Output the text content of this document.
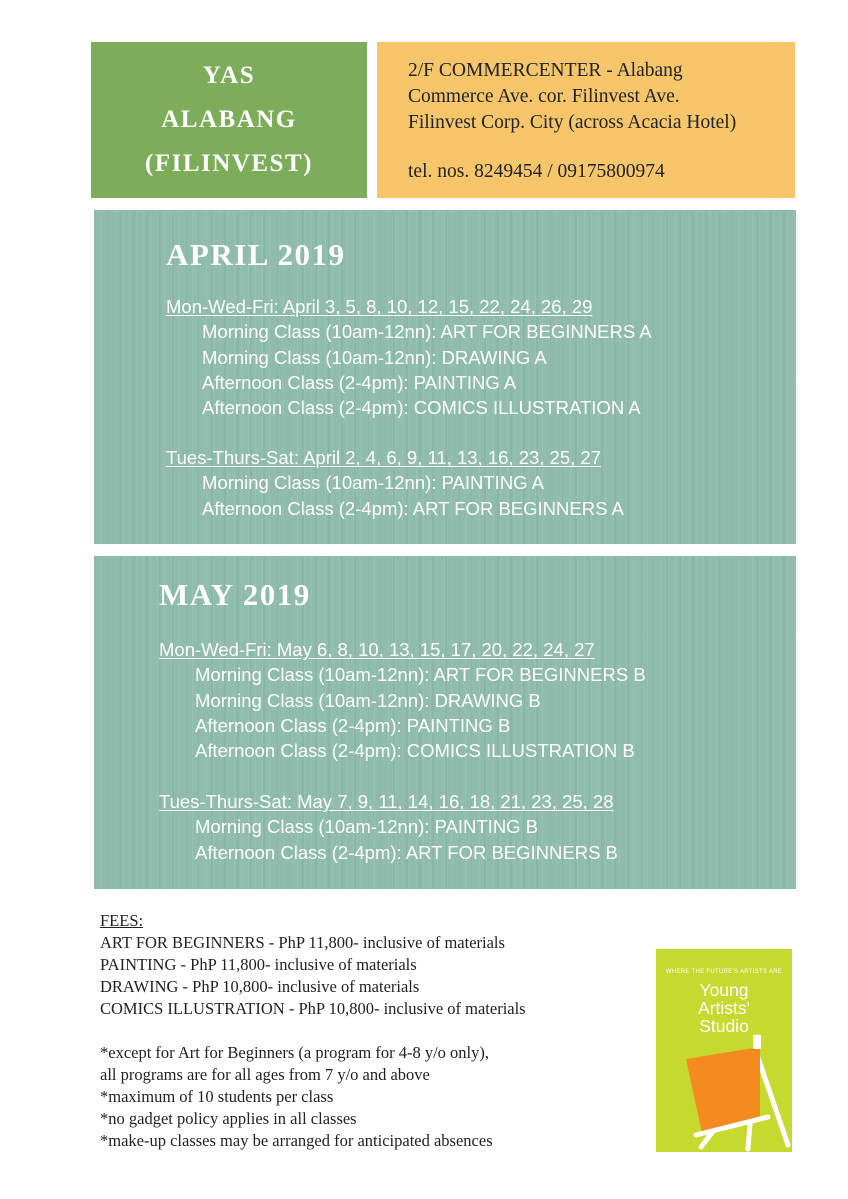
YAS
ALABANG
(FILINVEST)
2/F COMMERCENTER - Alabang
Commerce Ave. cor. Filinvest Ave.
Filinvest Corp. City (across Acacia Hotel)
tel. nos. 8249454 / 09175800974
APRIL 2019
Mon-Wed-Fri: April 3, 5, 8, 10, 12, 15, 22, 24, 26, 29
Morning Class (10am-12nn): ART FOR BEGINNERS A
Morning Class (10am-12nn): DRAWING A
Afternoon Class (2-4pm): PAINTING A
Afternoon Class (2-4pm): COMICS ILLUSTRATION A
Tues-Thurs-Sat: April 2, 4, 6, 9, 11, 13, 16, 23, 25, 27
Morning Class (10am-12nn): PAINTING A
Afternoon Class (2-4pm): ART FOR BEGINNERS A
MAY 2019
Mon-Wed-Fri: May 6, 8, 10, 13, 15, 17, 20, 22, 24, 27
Morning Class (10am-12nn): ART FOR BEGINNERS B
Morning Class (10am-12nn): DRAWING B
Afternoon Class (2-4pm): PAINTING B
Afternoon Class (2-4pm): COMICS ILLUSTRATION B
Tues-Thurs-Sat: May 7, 9, 11, 14, 16, 18, 21, 23, 25, 28
Morning Class (10am-12nn): PAINTING B
Afternoon Class (2-4pm): ART FOR BEGINNERS B
FEES:
ART FOR BEGINNERS - PhP 11,800- inclusive of materials
PAINTING - PhP 11,800- inclusive of materials
DRAWING - PhP 10,800- inclusive of materials
COMICS ILLUSTRATION - PhP 10,800- inclusive of materials
*except for Art for Beginners (a program for 4-8 y/o only),
all programs are for all ages from 7 y/o and above
*maximum of 10 students per class
*no gadget policy applies in all classes
*make-up classes may be arranged for anticipated absences
WHERE THE FUTURE'S ARTISTS ARE
Young
Artists'
Studio
